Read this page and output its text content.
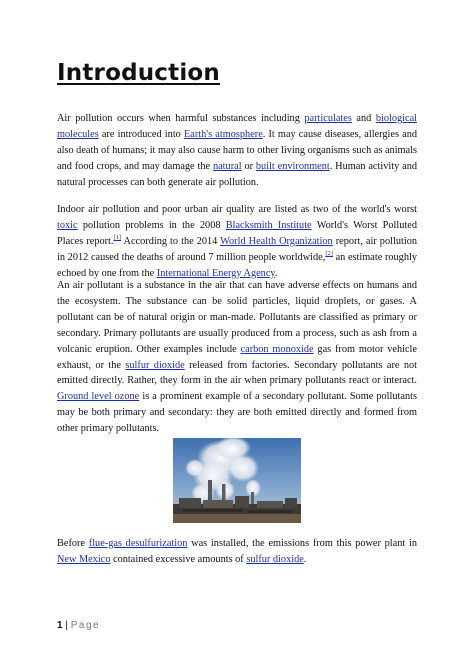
Introduction

Air pollution occurs when harmful substances including particulates and biological molecules are introduced into Earth's atmosphere. It may cause diseases, allergies and also death of humans; it may also cause harm to other living organisms such as animals and food crops, and may damage the natural or built environment. Human activity and natural processes can both generate air pollution.

Indoor air pollution and poor urban air quality are listed as two of the world's worst toxic pollution problems in the 2008 Blacksmith Institute World's Worst Polluted Places report.[1] According to the 2014 World Health Organization report, air pollution in 2012 caused the deaths of around 7 million people worldwide,[2] an estimate roughly echoed by one from the International Energy Agency.

An air pollutant is a substance in the air that can have adverse effects on humans and the ecosystem. The substance can be solid particles, liquid droplets, or gases. A pollutant can be of natural origin or man-made. Pollutants are classified as primary or secondary. Primary pollutants are usually produced from a process, such as ash from a volcanic eruption. Other examples include carbon monoxide gas from motor vehicle exhaust, or the sulfur dioxide released from factories. Secondary pollutants are not emitted directly. Rather, they form in the air when primary pollutants react or interact. Ground level ozone is a prominent example of a secondary pollutant. Some pollutants may be both primary and secondary: they are both emitted directly and formed from other primary pollutants.

Before flue-gas desulfurization was installed, the emissions from this power plant in New Mexico contained excessive amounts of sulfur dioxide.

1 | Page
